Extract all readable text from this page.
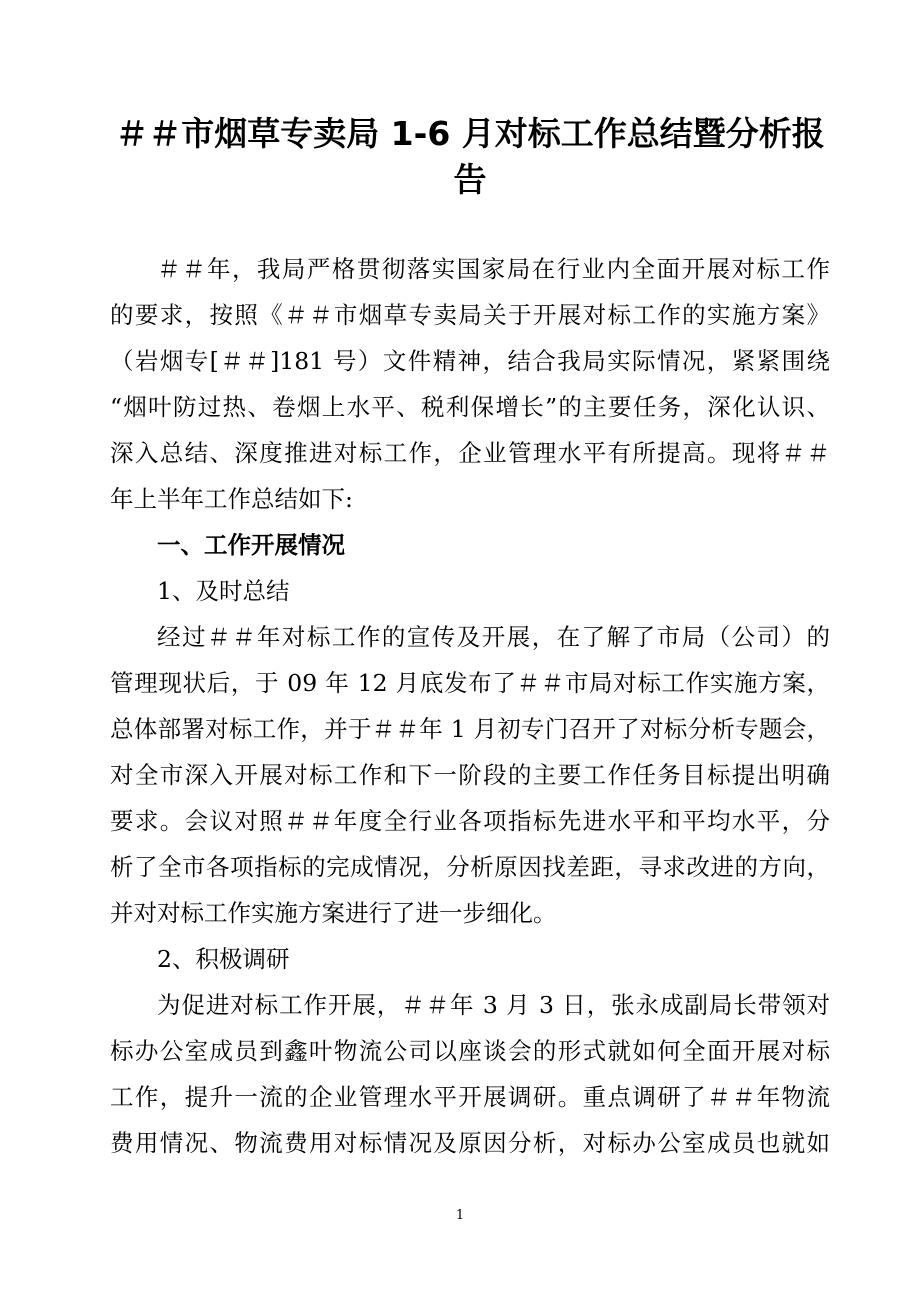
＃＃市烟草专卖局 1-6 月对标工作总结暨分析报
告
＃＃年，我局严格贯彻落实国家局在行业内全面开展对标工作
的要求，按照《＃＃市烟草专卖局关于开展对标工作的实施方案》
（岩烟专[＃＃]181 号）文件精神，结合我局实际情况，紧紧围绕
“烟叶防过热、卷烟上水平、税利保增长”的主要任务，深化认识、
深入总结、深度推进对标工作，企业管理水平有所提高。现将＃＃
年上半年工作总结如下:
一、工作开展情况
1、及时总结
经过＃＃年对标工作的宣传及开展，在了解了市局（公司）的
管理现状后，于 09 年 12 月底发布了＃＃市局对标工作实施方案，
总体部署对标工作，并于＃＃年 1 月初专门召开了对标分析专题会，
对全市深入开展对标工作和下一阶段的主要工作任务目标提出明确
要求。会议对照＃＃年度全行业各项指标先进水平和平均水平，分
析了全市各项指标的完成情况，分析原因找差距，寻求改进的方向，
并对对标工作实施方案进行了进一步细化。
2、积极调研
为促进对标工作开展，＃＃年 3 月 3 日，张永成副局长带领对
标办公室成员到鑫叶物流公司以座谈会的形式就如何全面开展对标
工作，提升一流的企业管理水平开展调研。重点调研了＃＃年物流
费用情况、物流费用对标情况及原因分析，对标办公室成员也就如
1
